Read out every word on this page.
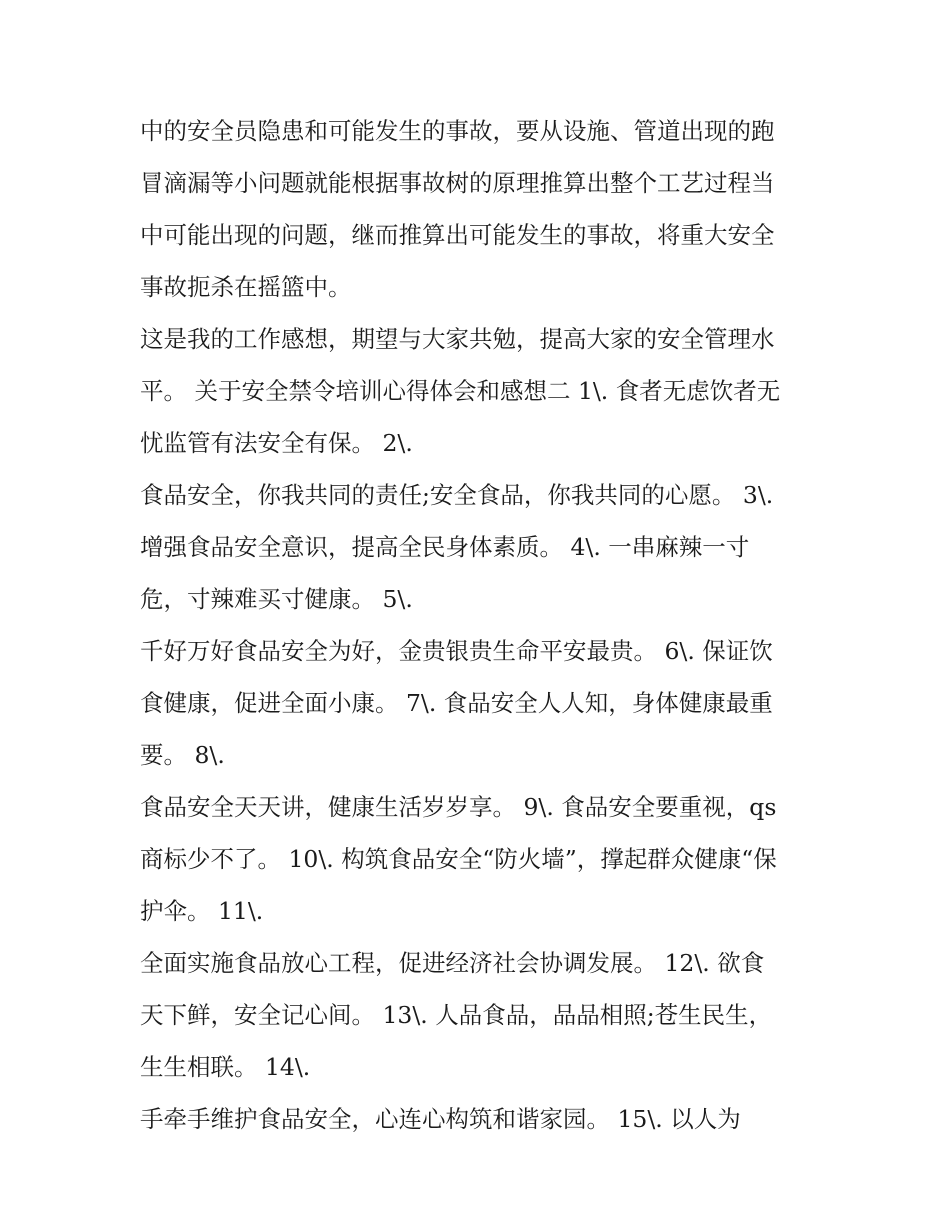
中的安全员隐患和可能发生的事故，要从设施、管道出现的跑
冒滴漏等小问题就能根据事故树的原理推算出整个工艺过程当
中可能出现的问题，继而推算出可能发生的事故，将重大安全
事故扼杀在摇篮中。
这是我的工作感想，期望与大家共勉，提高大家的安全管理水
平。 关于安全禁令培训心得体会和感想二 1\. 食者无虑饮者无
忧监管有法安全有保。 2\.
食品安全，你我共同的责任;安全食品，你我共同的心愿。 3\.
增强食品安全意识，提高全民身体素质。 4\. 一串麻辣一寸
危，寸辣难买寸健康。 5\.
千好万好食品安全为好，金贵银贵生命平安最贵。 6\. 保证饮
食健康，促进全面小康。 7\. 食品安全人人知，身体健康最重
要。 8\.
食品安全天天讲，健康生活岁岁享。 9\. 食品安全要重视，qs
商标少不了。 10\. 构筑食品安全“防火墙”，撑起群众健康“保
护伞。 11\.
全面实施食品放心工程，促进经济社会协调发展。 12\. 欲食
天下鲜，安全记心间。 13\. 人品食品，品品相照;苍生民生，
生生相联。 14\.
手牵手维护食品安全，心连心构筑和谐家园。 15\. 以人为
